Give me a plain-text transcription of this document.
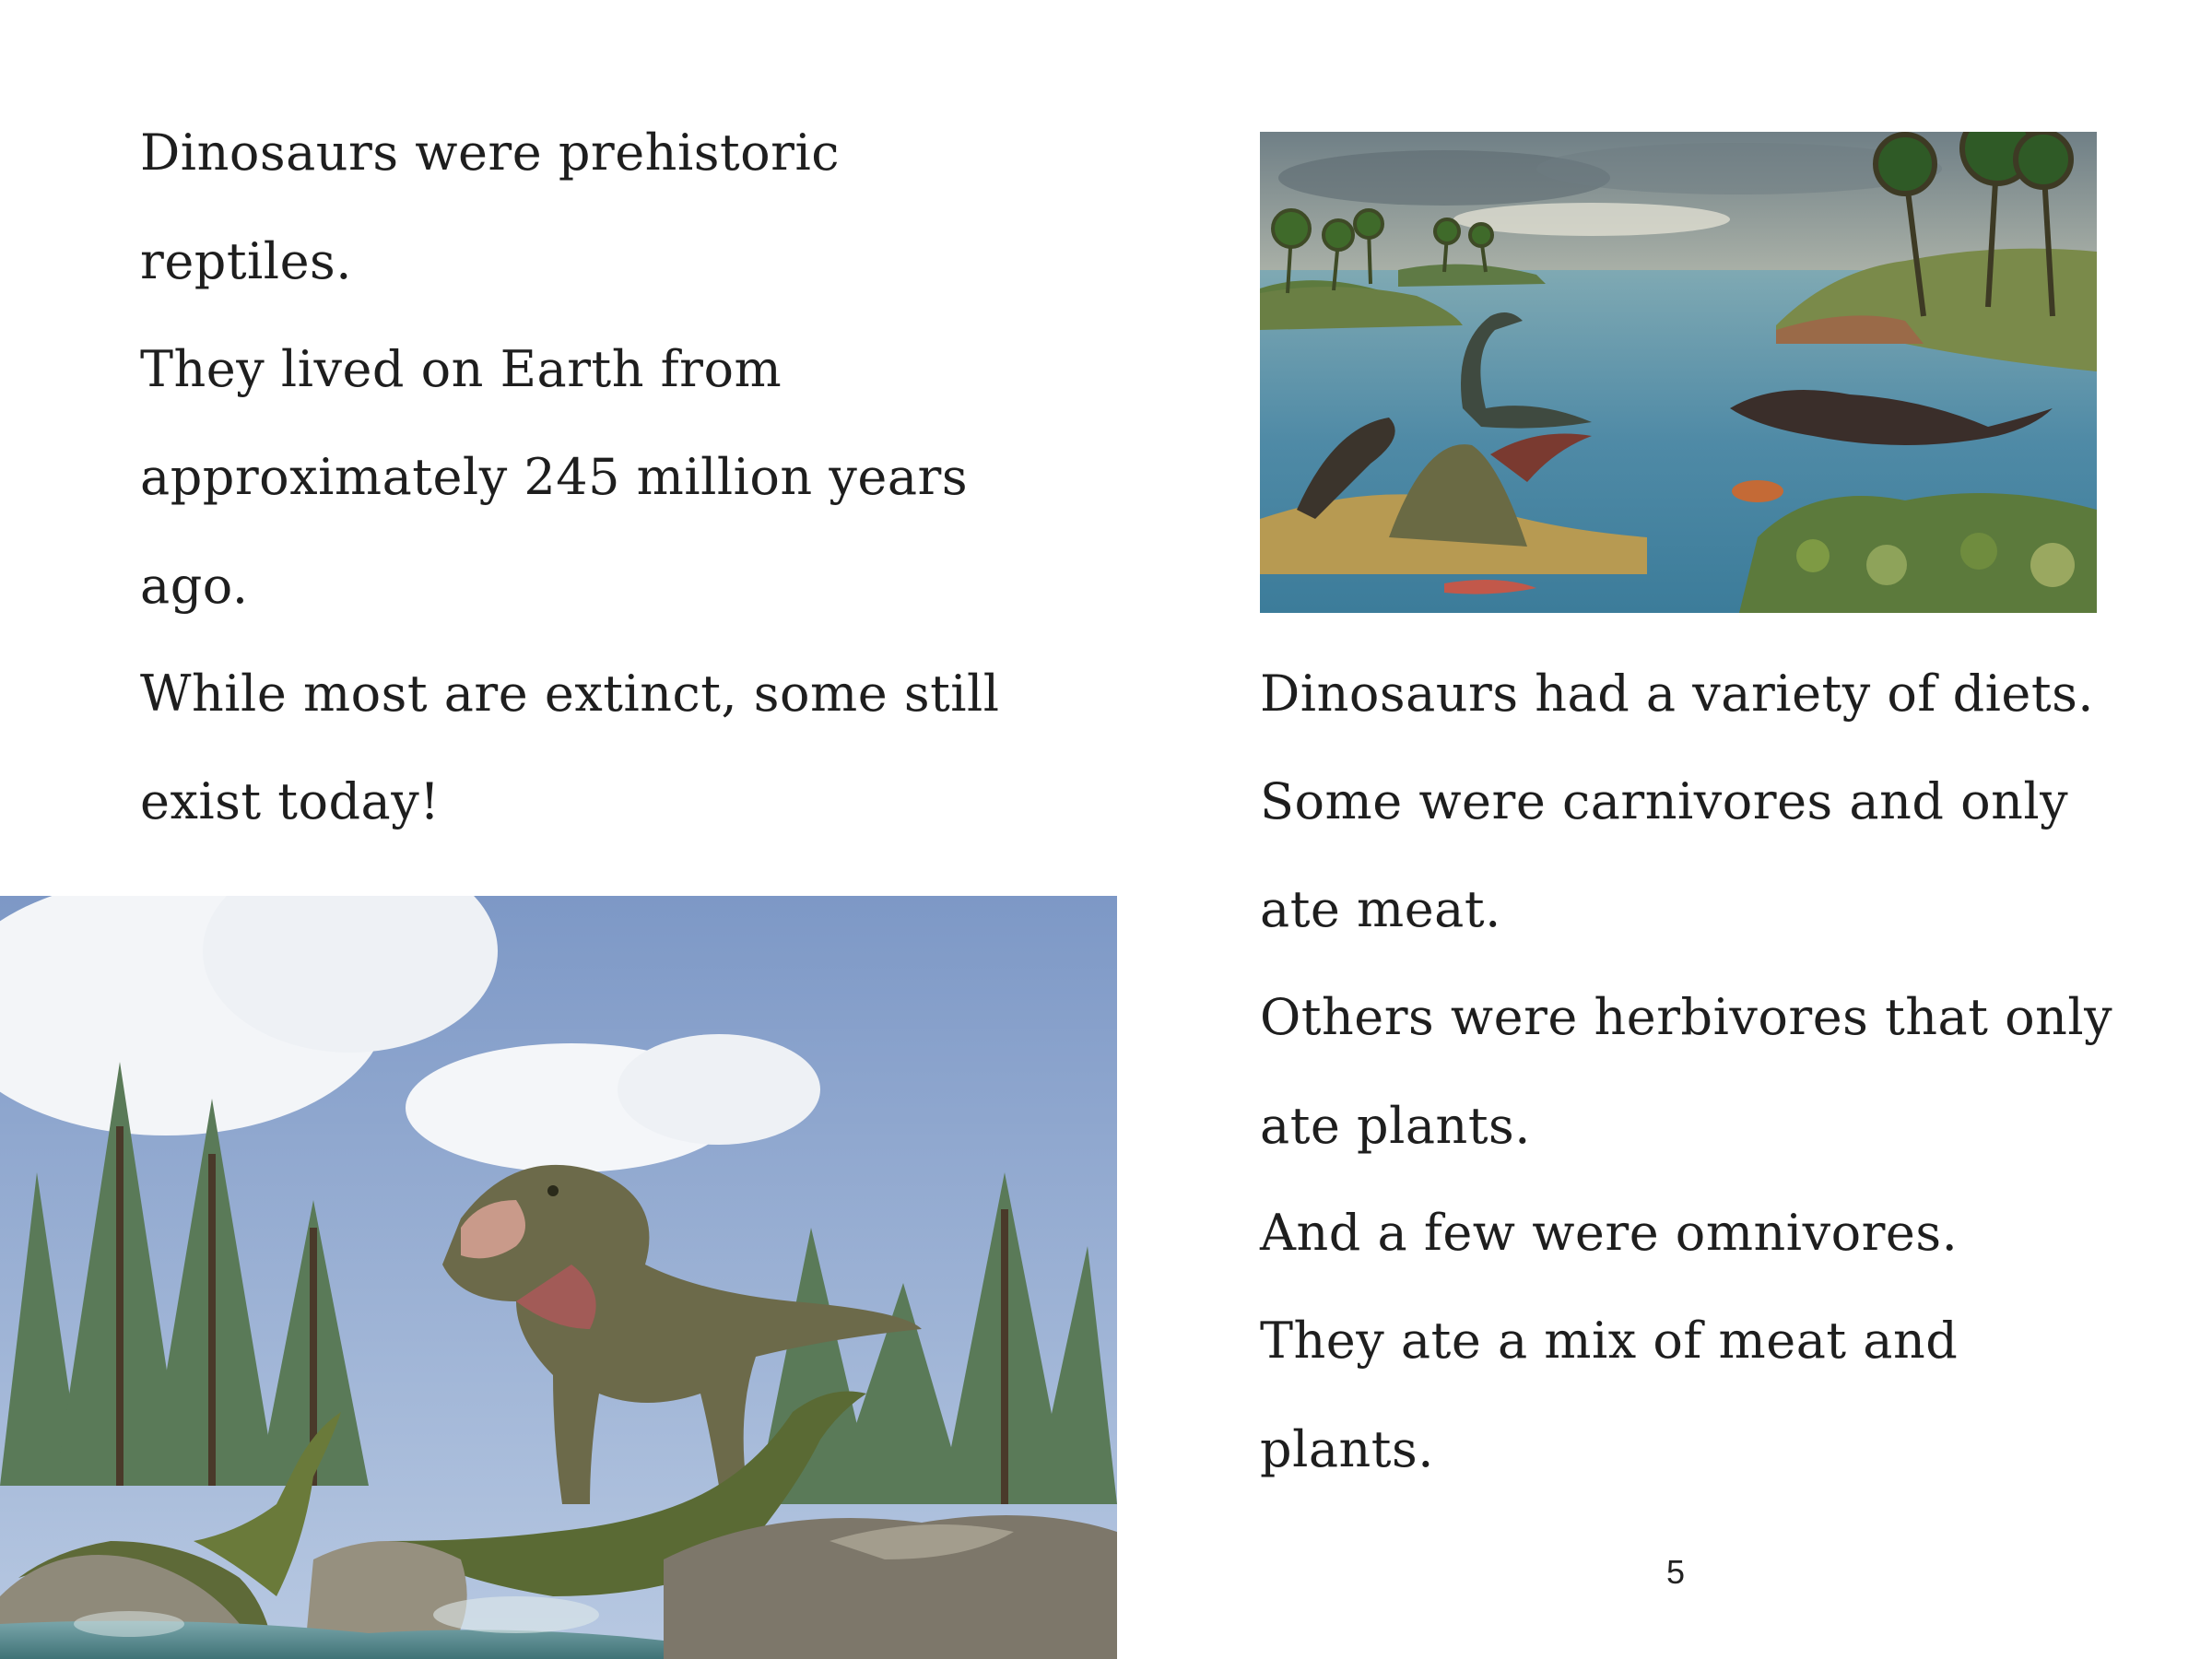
Dinosaurs were prehistoric
reptiles.
They lived on Earth from
approximately 245 million years
ago.
While most are extinct, some still
exist today!
Dinosaurs had a variety of diets.
Some were carnivores and only
ate meat.
Others were herbivores that only
ate plants.
And a few were omnivores.
They ate a mix of meat and
plants.
5
